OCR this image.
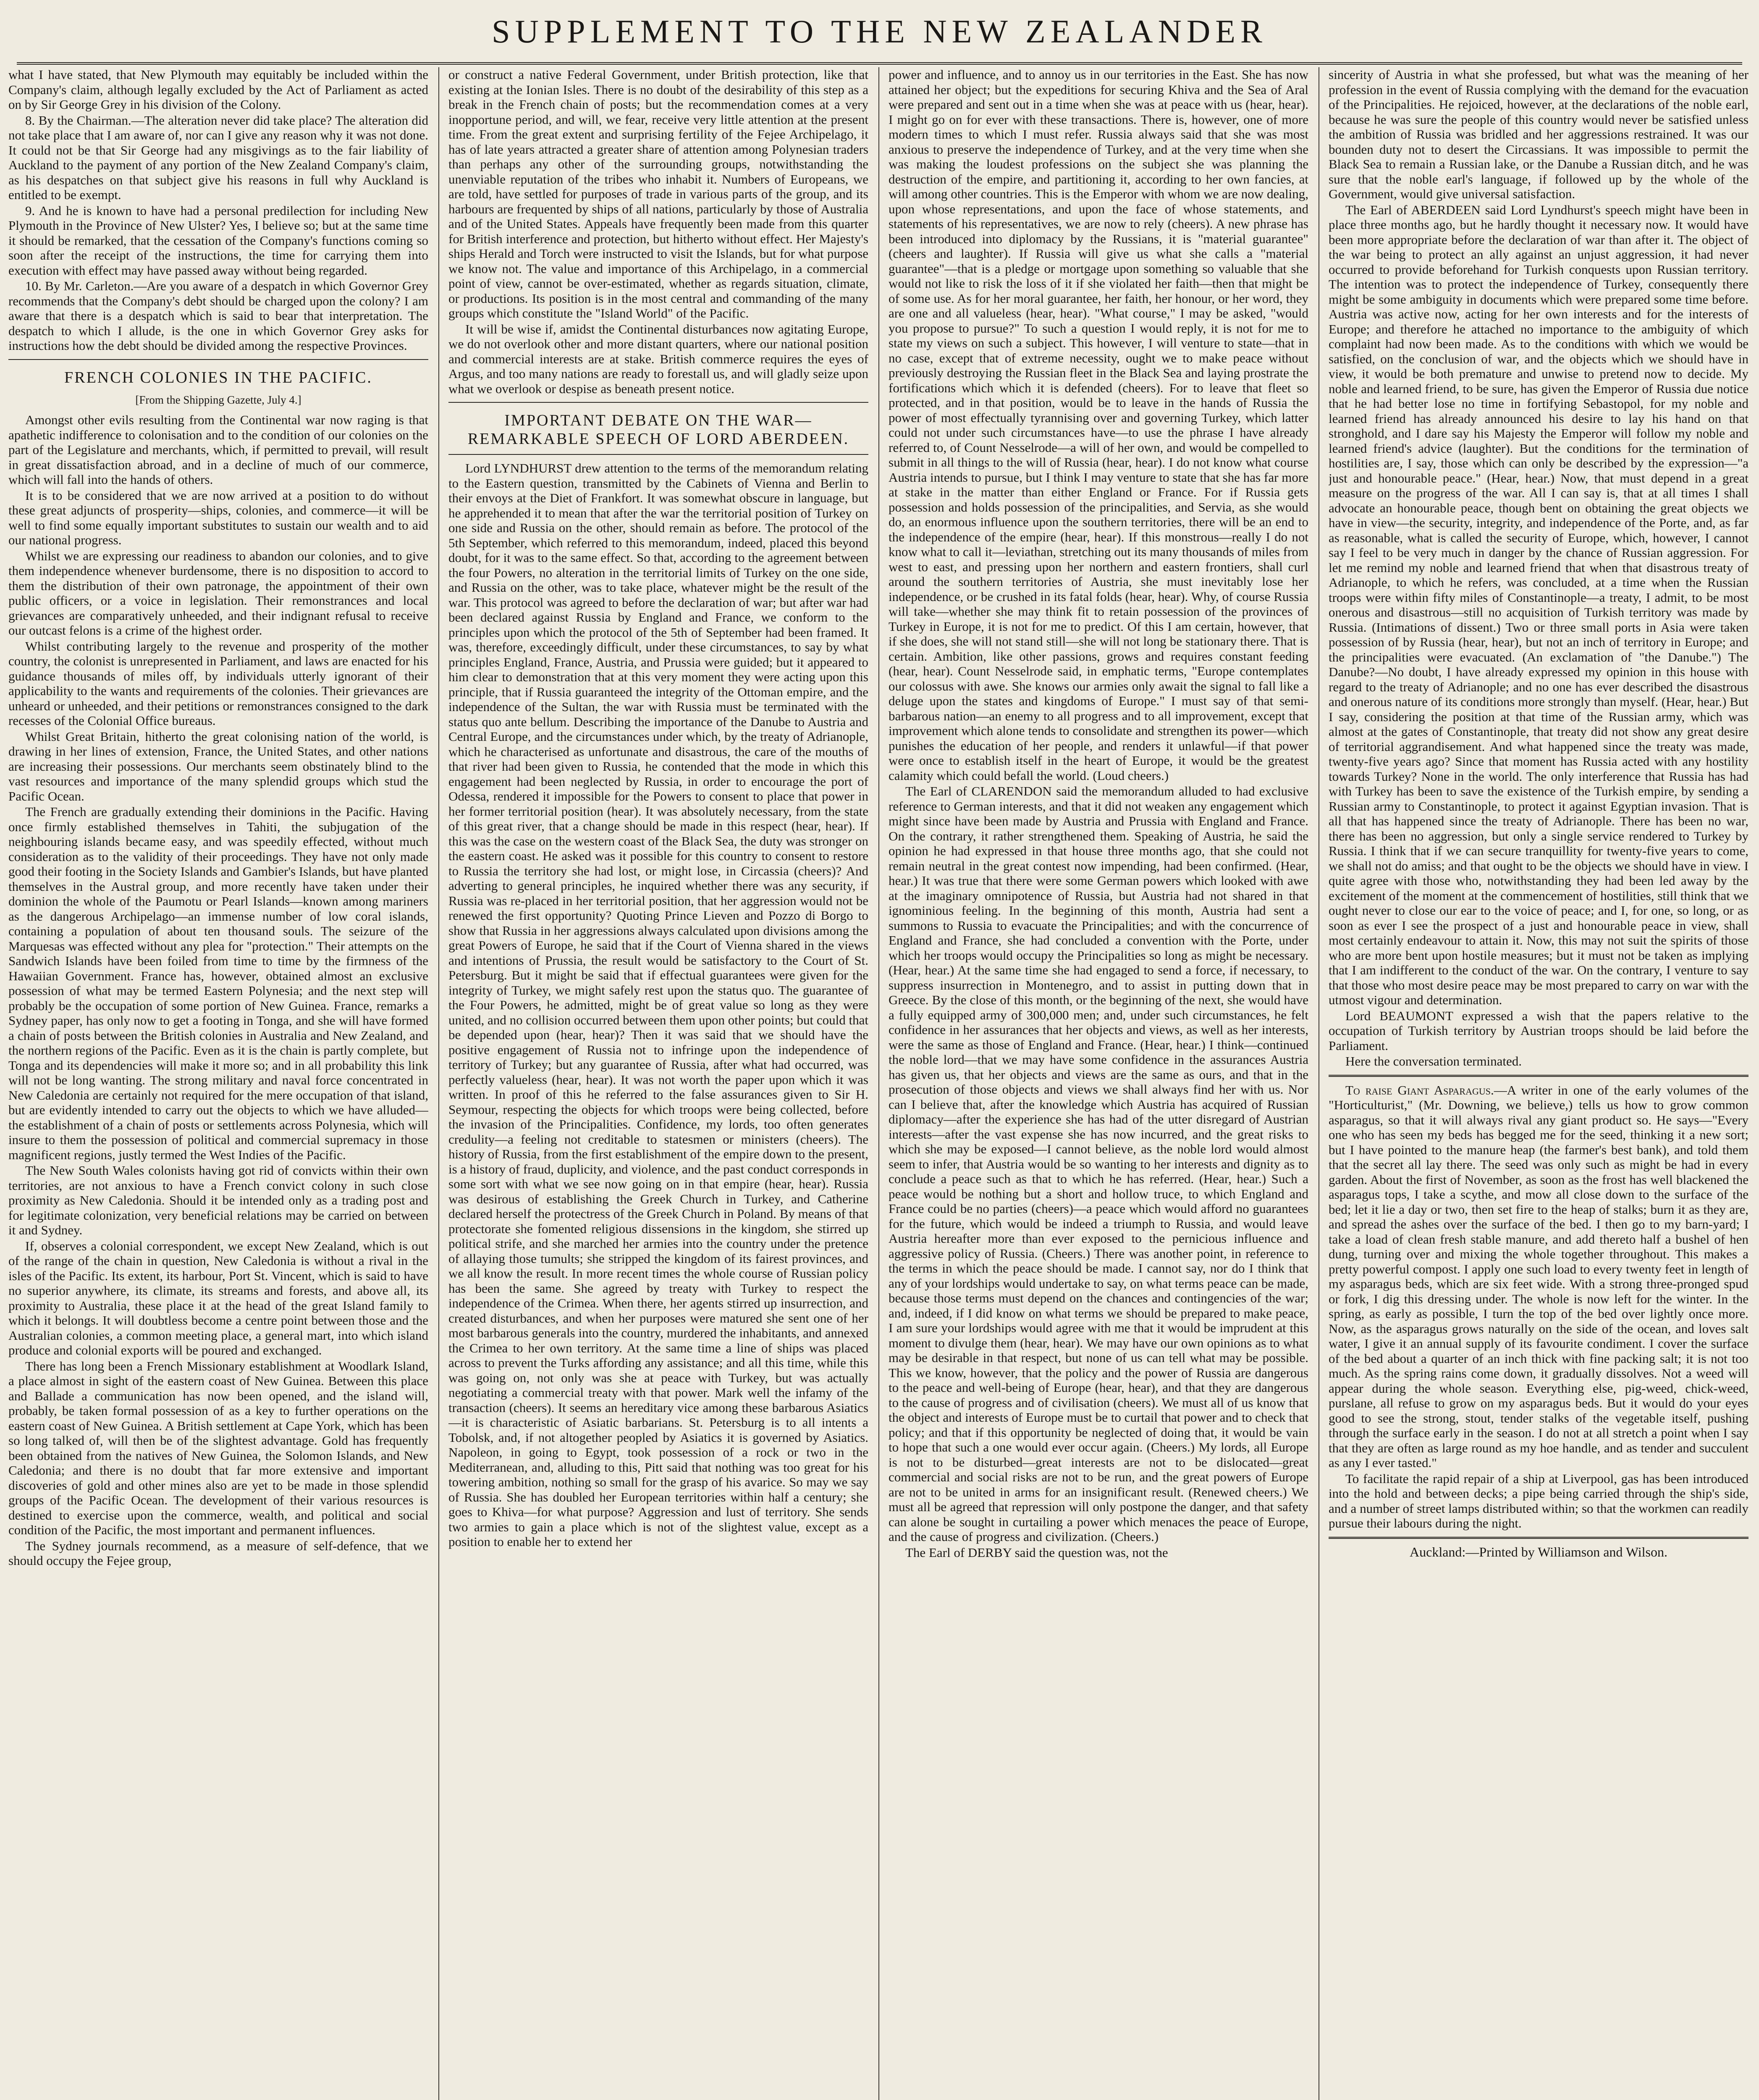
SUPPLEMENT TO THE NEW ZEALANDER

what I have stated, that New Plymouth may equitably be included within the Company's claim, although legally excluded by the Act of Parliament as acted on by Sir George Grey in his division of the Colony.

8. By the Chairman.—The alteration never did take place? The alteration did not take place that I am aware of, nor can I give any reason why it was not done. It could not be that Sir George had any misgivings as to the fair liability of Auckland to the payment of any portion of the New Zealand Company's claim, as his despatches on that subject give his reasons in full why Auckland is entitled to be exempt.

9. And he is known to have had a personal predilection for including New Plymouth in the Province of New Ulster? Yes, I believe so; but at the same time it should be remarked, that the cessation of the Company's functions coming so soon after the receipt of the instructions, the time for carrying them into execution with effect may have passed away without being regarded.

10. By Mr. Carleton.—Are you aware of a despatch in which Governor Grey recommends that the Company's debt should be charged upon the colony? I am aware that there is a despatch which is said to bear that interpretation. The despatch to which I allude, is the one in which Governor Grey asks for instructions how the debt should be divided among the respective Provinces.

FRENCH COLONIES IN THE PACIFIC.
[From the Shipping Gazette, July 4.]

Amongst other evils resulting from the Continental war now raging is that apathetic indifference to colonisation and to the condition of our colonies on the part of the Legislature and merchants, which, if permitted to prevail, will result in great dissatisfaction abroad, and in a decline of much of our commerce, which will fall into the hands of others.

It is to be considered that we are now arrived at a position to do without these great adjuncts of prosperity—ships, colonies, and commerce—it will be well to find some equally important substitutes to sustain our wealth and to aid our national progress.

Whilst we are expressing our readiness to abandon our colonies, and to give them independence whenever burdensome, there is no disposition to accord to them the distribution of their own patronage, the appointment of their own public officers, or a voice in legislation. Their remonstrances and local grievances are comparatively unheeded, and their indignant refusal to receive our outcast felons is a crime of the highest order.

Whilst contributing largely to the revenue and prosperity of the mother country, the colonist is unrepresented in Parliament, and laws are enacted for his guidance thousands of miles off, by individuals utterly ignorant of their applicability to the wants and requirements of the colonies. Their grievances are unheard or unheeded, and their petitions or remonstrances consigned to the dark recesses of the Colonial Office bureaus.

Whilst Great Britain, hitherto the great colonising nation of the world, is drawing in her lines of extension, France, the United States, and other nations are increasing their possessions. Our merchants seem obstinately blind to the vast resources and importance of the many splendid groups which stud the Pacific Ocean.

The French are gradually extending their dominions in the Pacific. Having once firmly established themselves in Tahiti, the subjugation of the neighbouring islands became easy, and was speedily effected, without much consideration as to the validity of their proceedings. They have not only made good their footing in the Society Islands and Gambier's Islands, but have planted themselves in the Austral group, and more recently have taken under their dominion the whole of the Paumotu or Pearl Islands—known among mariners as the dangerous Archipelago—an immense number of low coral islands, containing a population of about ten thousand souls. The seizure of the Marquesas was effected without any plea for "protection." Their attempts on the Sandwich Islands have been foiled from time to time by the firmness of the Hawaiian Government. France has, however, obtained almost an exclusive possession of what may be termed Eastern Polynesia; and the next step will probably be the occupation of some portion of New Guinea. France, remarks a Sydney paper, has only now to get a footing in Tonga, and she will have formed a chain of posts between the British colonies in Australia and New Zealand, and the northern regions of the Pacific. Even as it is the chain is partly complete, but Tonga and its dependencies will make it more so; and in all probability this link will not be long wanting. The strong military and naval force concentrated in New Caledonia are certainly not required for the mere occupation of that island, but are evidently intended to carry out the objects to which we have alluded—the establishment of a chain of posts or settlements across Polynesia, which will insure to them the possession of political and commercial supremacy in those magnificent regions, justly termed the West Indies of the Pacific.

The New South Wales colonists having got rid of convicts within their own territories, are not anxious to have a French convict colony in such close proximity as New Caledonia. Should it be intended only as a trading post and for legitimate colonization, very beneficial relations may be carried on between it and Sydney.

If, observes a colonial correspondent, we except New Zealand, which is out of the range of the chain in question, New Caledonia is without a rival in the isles of the Pacific. Its extent, its harbour, Port St. Vincent, which is said to have no superior anywhere, its climate, its streams and forests, and above all, its proximity to Australia, these place it at the head of the great Island family to which it belongs. It will doubtless become a centre point between those and the Australian colonies, a common meeting place, a general mart, into which island produce and colonial exports will be poured and exchanged.

There has long been a French Missionary establishment at Woodlark Island, a place almost in sight of the eastern coast of New Guinea. Between this place and Ballade a communication has now been opened, and the island will, probably, be taken formal possession of as a key to further operations on the eastern coast of New Guinea. A British settlement at Cape York, which has been so long talked of, will then be of the slightest advantage. Gold has frequently been obtained from the natives of New Guinea, the Solomon Islands, and New Caledonia; and there is no doubt that far more extensive and important discoveries of gold and other mines also are yet to be made in those splendid groups of the Pacific Ocean. The development of their various resources is destined to exercise upon the commerce, wealth, and political and social condition of the Pacific, the most important and permanent influences.

The Sydney journals recommend, as a measure of self-defence, that we should occupy the Fejee group,

or construct a native Federal Government, under British protection, like that existing at the Ionian Isles. There is no doubt of the desirability of this step as a break in the French chain of posts; but the recommendation comes at a very inopportune period, and will, we fear, receive very little attention at the present time. From the great extent and surprising fertility of the Fejee Archipelago, it has of late years attracted a greater share of attention among Polynesian traders than perhaps any other of the surrounding groups, notwithstanding the unenviable reputation of the tribes who inhabit it. Numbers of Europeans, we are told, have settled for purposes of trade in various parts of the group, and its harbours are frequented by ships of all nations, particularly by those of Australia and of the United States. Appeals have frequently been made from this quarter for British interference and protection, but hitherto without effect. Her Majesty's ships Herald and Torch were instructed to visit the Islands, but for what purpose we know not. The value and importance of this Archipelago, in a commercial point of view, cannot be over-estimated, whether as regards situation, climate, or productions. Its position is in the most central and commanding of the many groups which constitute the "Island World" of the Pacific.

It will be wise if, amidst the Continental disturbances now agitating Europe, we do not overlook other and more distant quarters, where our national position and commercial interests are at stake. British commerce requires the eyes of Argus, and too many nations are ready to forestall us, and will gladly seize upon what we overlook or despise as beneath present notice.

IMPORTANT DEBATE ON THE WAR—REMARKABLE SPEECH OF LORD ABERDEEN.

Lord LYNDHURST drew attention to the terms of the memorandum relating to the Eastern question, transmitted by the Cabinets of Vienna and Berlin to their envoys at the Diet of Frankfort. It was somewhat obscure in language, but he apprehended it to mean that after the war the territorial position of Turkey on one side and Russia on the other, should remain as before. The protocol of the 5th September, which referred to this memorandum, indeed, placed this beyond doubt, for it was to the same effect. So that, according to the agreement between the four Powers, no alteration in the territorial limits of Turkey on the one side, and Russia on the other, was to take place, whatever might be the result of the war. This protocol was agreed to before the declaration of war; but after war had been declared against Russia by England and France, we conform to the principles upon which the protocol of the 5th of September had been framed. It was, therefore, exceedingly difficult, under these circumstances, to say by what principles England, France, Austria, and Prussia were guided; but it appeared to him clear to demonstration that at this very moment they were acting upon this principle, that if Russia guaranteed the integrity of the Ottoman empire, and the independence of the Sultan, the war with Russia must be terminated with the status quo ante bellum. Describing the importance of the Danube to Austria and Central Europe, and the circumstances under which, by the treaty of Adrianople, which he characterised as unfortunate and disastrous, the care of the mouths of that river had been given to Russia, he contended that the mode in which this engagement had been neglected by Russia, in order to encourage the port of Odessa, rendered it impossible for the Powers to consent to place that power in her former territorial position (hear). It was absolutely necessary, from the state of this great river, that a change should be made in this respect (hear, hear). If this was the case on the western coast of the Black Sea, the duty was stronger on the eastern coast. He asked was it possible for this country to consent to restore to Russia the territory she had lost, or might lose, in Circassia (cheers)? And adverting to general principles, he inquired whether there was any security, if Russia was re-placed in her territorial position, that her aggression would not be renewed the first opportunity? Quoting Prince Lieven and Pozzo di Borgo to show that Russia in her aggressions always calculated upon divisions among the great Powers of Europe, he said that if the Court of Vienna shared in the views and intentions of Prussia, the result would be satisfactory to the Court of St. Petersburg. But it might be said that if effectual guarantees were given for the integrity of Turkey, we might safely rest upon the status quo. The guarantee of the Four Powers, he admitted, might be of great value so long as they were united, and no collision occurred between them upon other points; but could that be depended upon (hear, hear)? Then it was said that we should have the positive engagement of Russia not to infringe upon the independence of territory of Turkey; but any guarantee of Russia, after what had occurred, was perfectly valueless (hear, hear). It was not worth the paper upon which it was written. In proof of this he referred to the false assurances given to Sir H. Seymour, respecting the objects for which troops were being collected, before the invasion of the Principalities. Confidence, my lords, too often generates credulity—a feeling not creditable to statesmen or ministers (cheers). The history of Russia, from the first establishment of the empire down to the present, is a history of fraud, duplicity, and violence, and the past conduct corresponds in some sort with what we see now going on in that empire (hear, hear). Russia was desirous of establishing the Greek Church in Turkey, and Catherine declared herself the protectress of the Greek Church in Poland. By means of that protectorate she fomented religious dissensions in the kingdom, she stirred up political strife, and she marched her armies into the country under the pretence of allaying those tumults; she stripped the kingdom of its fairest provinces, and we all know the result. In more recent times the whole course of Russian policy has been the same. She agreed by treaty with Turkey to respect the independence of the Crimea. When there, her agents stirred up insurrection, and created disturbances, and when her purposes were matured she sent one of her most barbarous generals into the country, murdered the inhabitants, and annexed the Crimea to her own territory. At the same time a line of ships was placed across to prevent the Turks affording any assistance; and all this time, while this was going on, not only was she at peace with Turkey, but was actually negotiating a commercial treaty with that power. Mark well the infamy of the transaction (cheers). It seems an hereditary vice among these barbarous Asiatics—it is characteristic of Asiatic barbarians. St. Petersburg is to all intents a Tobolsk, and, if not altogether peopled by Asiatics it is governed by Asiatics. Napoleon, in going to Egypt, took possession of a rock or two in the Mediterranean, and, alluding to this, Pitt said that nothing was too great for his towering ambition, nothing so small for the grasp of his avarice. So may we say of Russia. She has doubled her European territories within half a century; she goes to Khiva—for what purpose? Aggression and lust of territory. She sends two armies to gain a place which is not of the slightest value, except as a position to enable her to extend her

power and influence, and to annoy us in our territories in the East. She has now attained her object; but the expeditions for securing Khiva and the Sea of Aral were prepared and sent out in a time when she was at peace with us (hear, hear). I might go on for ever with these transactions. There is, however, one of more modern times to which I must refer. Russia always said that she was most anxious to preserve the independence of Turkey, and at the very time when she was making the loudest professions on the subject she was planning the destruction of the empire, and partitioning it, according to her own fancies, at will among other countries. This is the Emperor with whom we are now dealing, upon whose representations, and upon the face of whose statements, and statements of his representatives, we are now to rely (cheers). A new phrase has been introduced into diplomacy by the Russians, it is "material guarantee" (cheers and laughter). If Russia will give us what she calls a "material guarantee"—that is a pledge or mortgage upon something so valuable that she would not like to risk the loss of it if she violated her faith—then that might be of some use. As for her moral guarantee, her faith, her honour, or her word, they are one and all valueless (hear, hear). "What course," I may be asked, "would you propose to pursue?" To such a question I would reply, it is not for me to state my views on such a subject. This however, I will venture to state—that in no case, except that of extreme necessity, ought we to make peace without previously destroying the Russian fleet in the Black Sea and laying prostrate the fortifications which which it is defended (cheers). For to leave that fleet so protected, and in that position, would be to leave in the hands of Russia the power of most effectually tyrannising over and governing Turkey, which latter could not under such circumstances have—to use the phrase I have already referred to, of Count Nesselrode—a will of her own, and would be compelled to submit in all things to the will of Russia (hear, hear). I do not know what course Austria intends to pursue, but I think I may venture to state that she has far more at stake in the matter than either England or France. For if Russia gets possession and holds possession of the principalities, and Servia, as she would do, an enormous influence upon the southern territories, there will be an end to the independence of the empire (hear, hear). If this monstrous—really I do not know what to call it—leviathan, stretching out its many thousands of miles from west to east, and pressing upon her northern and eastern frontiers, shall curl around the southern territories of Austria, she must inevitably lose her independence, or be crushed in its fatal folds (hear, hear). Why, of course Russia will take—whether she may think fit to retain possession of the provinces of Turkey in Europe, it is not for me to predict. Of this I am certain, however, that if she does, she will not stand still—she will not long be stationary there. That is certain. Ambition, like other passions, grows and requires constant feeding (hear, hear). Count Nesselrode said, in emphatic terms, "Europe contemplates our colossus with awe. She knows our armies only await the signal to fall like a deluge upon the states and kingdoms of Europe." I must say of that semi-barbarous nation—an enemy to all progress and to all improvement, except that improvement which alone tends to consolidate and strengthen its power—which punishes the education of her people, and renders it unlawful—if that power were once to establish itself in the heart of Europe, it would be the greatest calamity which could befall the world. (Loud cheers.)

The Earl of CLARENDON said the memorandum alluded to had exclusive reference to German interests, and that it did not weaken any engagement which might since have been made by Austria and Prussia with England and France. On the contrary, it rather strengthened them. Speaking of Austria, he said the opinion he had expressed in that house three months ago, that she could not remain neutral in the great contest now impending, had been confirmed. (Hear, hear.) It was true that there were some German powers which looked with awe at the imaginary omnipotence of Russia, but Austria had not shared in that ignominious feeling. In the beginning of this month, Austria had sent a summons to Russia to evacuate the Principalities; and with the concurrence of England and France, she had concluded a convention with the Porte, under which her troops would occupy the Principalities so long as might be necessary. (Hear, hear.) At the same time she had engaged to send a force, if necessary, to suppress insurrection in Montenegro, and to assist in putting down that in Greece. By the close of this month, or the beginning of the next, she would have a fully equipped army of 300,000 men; and, under such circumstances, he felt confidence in her assurances that her objects and views, as well as her interests, were the same as those of England and France. (Hear, hear.) I think—continued the noble lord—that we may have some confidence in the assurances Austria has given us, that her objects and views are the same as ours, and that in the prosecution of those objects and views we shall always find her with us. Nor can I believe that, after the knowledge which Austria has acquired of Russian diplomacy—after the experience she has had of the utter disregard of Austrian interests—after the vast expense she has now incurred, and the great risks to which she may be exposed—I cannot believe, as the noble lord would almost seem to infer, that Austria would be so wanting to her interests and dignity as to conclude a peace such as that to which he has referred. (Hear, hear.) Such a peace would be nothing but a short and hollow truce, to which England and France could be no parties (cheers)—a peace which would afford no guarantees for the future, which would be indeed a triumph to Russia, and would leave Austria hereafter more than ever exposed to the pernicious influence and aggressive policy of Russia. (Cheers.) There was another point, in reference to the terms in which the peace should be made. I cannot say, nor do I think that any of your lordships would undertake to say, on what terms peace can be made, because those terms must depend on the chances and contingencies of the war; and, indeed, if I did know on what terms we should be prepared to make peace, I am sure your lordships would agree with me that it would be imprudent at this moment to divulge them (hear, hear). We may have our own opinions as to what may be desirable in that respect, but none of us can tell what may be possible. This we know, however, that the policy and the power of Russia are dangerous to the peace and well-being of Europe (hear, hear), and that they are dangerous to the cause of progress and of civilisation (cheers). We must all of us know that the object and interests of Europe must be to curtail that power and to check that policy; and that if this opportunity be neglected of doing that, it would be vain to hope that such a one would ever occur again. (Cheers.) My lords, all Europe is not to be disturbed—great interests are not to be dislocated—great commercial and social risks are not to be run, and the great powers of Europe are not to be united in arms for an insignificant result. (Renewed cheers.) We must all be agreed that repression will only postpone the danger, and that safety can alone be sought in curtailing a power which menaces the peace of Europe, and the cause of progress and civilization. (Cheers.)

The Earl of DERBY said the question was, not the

sincerity of Austria in what she professed, but what was the meaning of her profession in the event of Russia complying with the demand for the evacuation of the Principalities. He rejoiced, however, at the declarations of the noble earl, because he was sure the people of this country would never be satisfied unless the ambition of Russia was bridled and her aggressions restrained. It was our bounden duty not to desert the Circassians. It was impossible to permit the Black Sea to remain a Russian lake, or the Danube a Russian ditch, and he was sure that the noble earl's language, if followed up by the whole of the Government, would give universal satisfaction.

The Earl of ABERDEEN said Lord Lyndhurst's speech might have been in place three months ago, but he hardly thought it necessary now. It would have been more appropriate before the declaration of war than after it. The object of the war being to protect an ally against an unjust aggression, it had never occurred to provide beforehand for Turkish conquests upon Russian territory. The intention was to protect the independence of Turkey, consequently there might be some ambiguity in documents which were prepared some time before. Austria was active now, acting for her own interests and for the interests of Europe; and therefore he attached no importance to the ambiguity of which complaint had now been made. As to the conditions with which we would be satisfied, on the conclusion of war, and the objects which we should have in view, it would be both premature and unwise to pretend now to decide. My noble and learned friend, to be sure, has given the Emperor of Russia due notice that he had better lose no time in fortifying Sebastopol, for my noble and learned friend has already announced his desire to lay his hand on that stronghold, and I dare say his Majesty the Emperor will follow my noble and learned friend's advice (laughter). But the conditions for the termination of hostilities are, I say, those which can only be described by the expression—"a just and honourable peace." (Hear, hear.) Now, that must depend in a great measure on the progress of the war. All I can say is, that at all times I shall advocate an honourable peace, though bent on obtaining the great objects we have in view—the security, integrity, and independence of the Porte, and, as far as reasonable, what is called the security of Europe, which, however, I cannot say I feel to be very much in danger by the chance of Russian aggression. For let me remind my noble and learned friend that when that disastrous treaty of Adrianople, to which he refers, was concluded, at a time when the Russian troops were within fifty miles of Constantinople—a treaty, I admit, to be most onerous and disastrous—still no acquisition of Turkish territory was made by Russia. (Intimations of dissent.) Two or three small ports in Asia were taken possession of by Russia (hear, hear), but not an inch of territory in Europe; and the principalities were evacuated. (An exclamation of "the Danube.") The Danube?—No doubt, I have already expressed my opinion in this house with regard to the treaty of Adrianople; and no one has ever described the disastrous and onerous nature of its conditions more strongly than myself. (Hear, hear.) But I say, considering the position at that time of the Russian army, which was almost at the gates of Constantinople, that treaty did not show any great desire of territorial aggrandisement. And what happened since the treaty was made, twenty-five years ago? Since that moment has Russia acted with any hostility towards Turkey? None in the world. The only interference that Russia has had with Turkey has been to save the existence of the Turkish empire, by sending a Russian army to Constantinople, to protect it against Egyptian invasion. That is all that has happened since the treaty of Adrianople. There has been no war, there has been no aggression, but only a single service rendered to Turkey by Russia. I think that if we can secure tranquillity for twenty-five years to come, we shall not do amiss; and that ought to be the objects we should have in view. I quite agree with those who, notwithstanding they had been led away by the excitement of the moment at the commencement of hostilities, still think that we ought never to close our ear to the voice of peace; and I, for one, so long, or as soon as ever I see the prospect of a just and honourable peace in view, shall most certainly endeavour to attain it. Now, this may not suit the spirits of those who are more bent upon hostile measures; but it must not be taken as implying that I am indifferent to the conduct of the war. On the contrary, I venture to say that those who most desire peace may be most prepared to carry on war with the utmost vigour and determination.

Lord BEAUMONT expressed a wish that the papers relative to the occupation of Turkish territory by Austrian troops should be laid before the Parliament.

Here the conversation terminated.

To raise Giant Asparagus.—A writer in one of the early volumes of the "Horticulturist," (Mr. Downing, we believe,) tells us how to grow common asparagus, so that it will always rival any giant product so. He says—"Every one who has seen my beds has begged me for the seed, thinking it a new sort; but I have pointed to the manure heap (the farmer's best bank), and told them that the secret all lay there. The seed was only such as might be had in every garden. About the first of November, as soon as the frost has well blackened the asparagus tops, I take a scythe, and mow all close down to the surface of the bed; let it lie a day or two, then set fire to the heap of stalks; burn it as they are, and spread the ashes over the surface of the bed. I then go to my barn-yard; I take a load of clean fresh stable manure, and add thereto half a bushel of hen dung, turning over and mixing the whole together throughout. This makes a pretty powerful compost. I apply one such load to every twenty feet in length of my asparagus beds, which are six feet wide. With a strong three-pronged spud or fork, I dig this dressing under. The whole is now left for the winter. In the spring, as early as possible, I turn the top of the bed over lightly once more. Now, as the asparagus grows naturally on the side of the ocean, and loves salt water, I give it an annual supply of its favourite condiment. I cover the surface of the bed about a quarter of an inch thick with fine packing salt; it is not too much. As the spring rains come down, it gradually dissolves. Not a weed will appear during the whole season. Everything else, pig-weed, chick-weed, purslane, all refuse to grow on my asparagus beds. But it would do your eyes good to see the strong, stout, tender stalks of the vegetable itself, pushing through the surface early in the season. I do not at all stretch a point when I say that they are often as large round as my hoe handle, and as tender and succulent as any I ever tasted."

To facilitate the rapid repair of a ship at Liverpool, gas has been introduced into the hold and between decks; a pipe being carried through the ship's side, and a number of street lamps distributed within; so that the workmen can readily pursue their labours during the night.

Auckland:—Printed by Williamson and Wilson.
